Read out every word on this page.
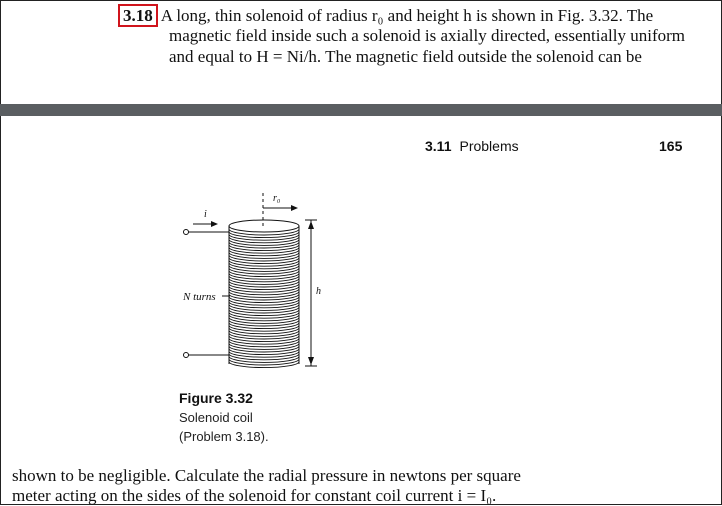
3.18 A long, thin solenoid of radius r₀ and height h is shown in Fig. 3.32. The
magnetic field inside such a solenoid is axially directed, essentially uniform
and equal to H = Ni/h. The magnetic field outside the solenoid can be
3.11 Problems	165
i
r₀
N turns	h
Figure 3.32
Solenoid coil
(Problem 3.18).
shown to be negligible. Calculate the radial pressure in newtons per square
meter acting on the sides of the solenoid for constant coil current i = I₀.
